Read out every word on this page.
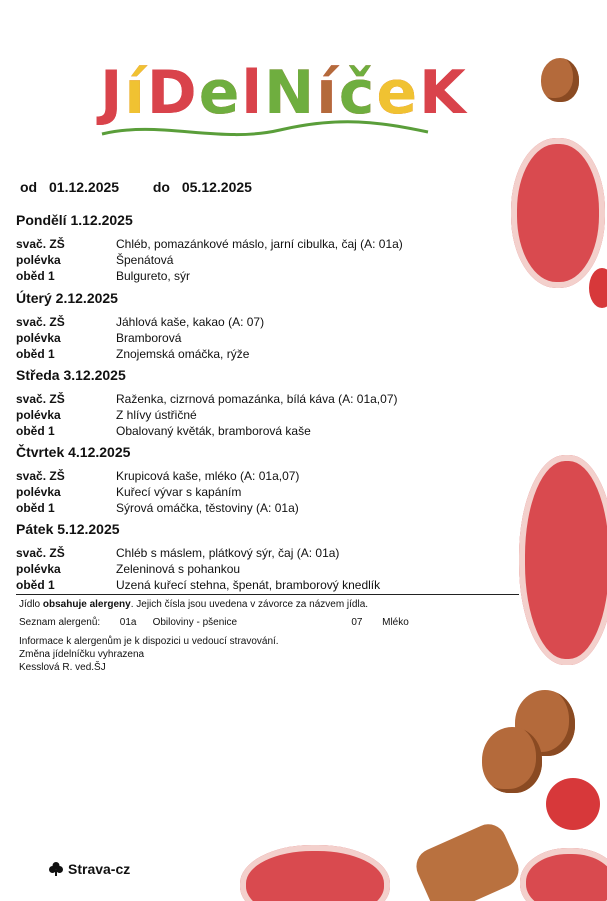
JíDelNíčeK
od 01.12.2025 do 05.12.2025
Pondělí 1.12.2025
svač. ZŠ	Chléb, pomazánkové máslo, jarní cibulka, čaj (A: 01a)
polévka	Špenátová
oběd 1	Bulgureto, sýr
Úterý 2.12.2025
svač. ZŠ	Jáhlová kaše, kakao (A: 07)
polévka	Bramborová
oběd 1	Znojemská omáčka, rýže
Středa 3.12.2025
svač. ZŠ	Raženka, cizrnová pomazánka, bílá káva (A: 01a,07)
polévka	Z hlívy ústřičné
oběd 1	Obalovaný květák, bramborová kaše
Čtvrtek 4.12.2025
svač. ZŠ	Krupicová kaše, mléko (A: 01a,07)
polévka	Kuřecí vývar s kapáním
oběd 1	Sýrová omáčka, těstoviny (A: 01a)
Pátek 5.12.2025
svač. ZŠ	Chléb s máslem, plátkový sýr, čaj (A: 01a)
polévka	Zeleninová s pohankou
oběd 1	Uzená kuřecí stehna, špenát, bramborový knedlík
Jídlo obsahuje alergeny. Jejich čísla jsou uvedena v závorce za názvem jídla.
Seznam alergenů: 01a Obiloviny - pšenice	07 Mléko
Informace k alergenům je k dispozici u vedoucí stravování.
Změna jídelníčku vyhrazena
Kesslová R. ved.ŠJ
Strava-cz
